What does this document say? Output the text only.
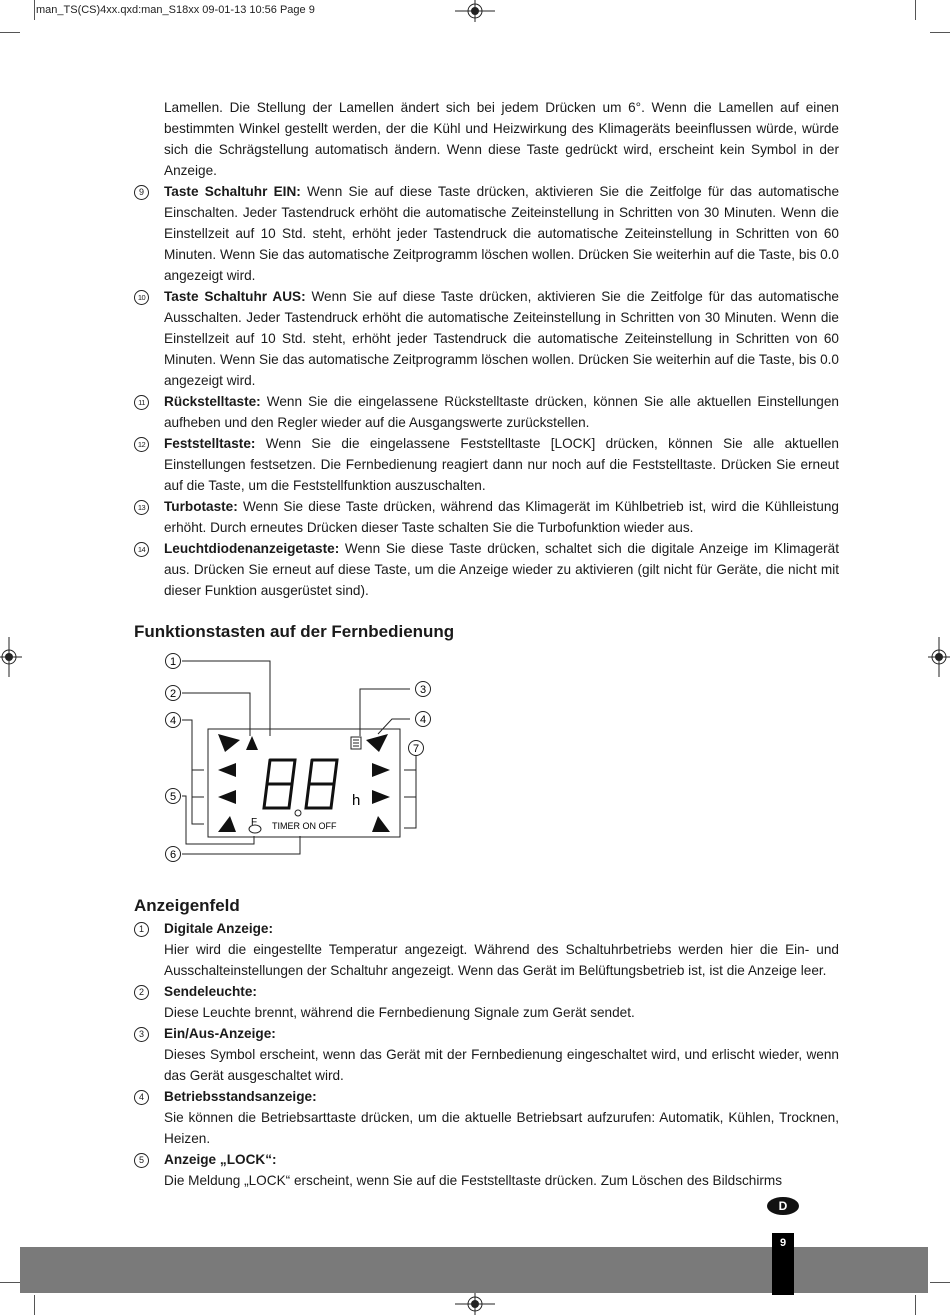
man_TS(CS)4xx.qxd:man_S18xx 09-01-13 10:56 Page 9
Lamellen. Die Stellung der Lamellen ändert sich bei jedem Drücken um 6°. Wenn die Lamellen auf einen bestimmten Winkel gestellt werden, der die Kühl und Heizwirkung des Klimageräts beeinflussen würde, würde sich die Schrägstellung automatisch ändern. Wenn diese Taste gedrückt wird, erscheint kein Symbol in der Anzeige.
9	Taste Schaltuhr EIN: Wenn Sie auf diese Taste drücken, aktivieren Sie die Zeitfolge für das automatische Einschalten. Jeder Tastendruck erhöht die automatische Zeiteinstellung in Schritten von 30 Minuten. Wenn die Einstellzeit auf 10 Std. steht, erhöht jeder Tastendruck die automatische Zeiteinstellung in Schritten von 60 Minuten. Wenn Sie das automatische Zeitprogramm löschen wollen. Drücken Sie weiterhin auf die Taste, bis 0.0 angezeigt wird.
10	Taste Schaltuhr AUS: Wenn Sie auf diese Taste drücken, aktivieren Sie die Zeitfolge für das automatische Ausschalten. Jeder Tastendruck erhöht die automatische Zeiteinstellung in Schritten von 30 Minuten. Wenn die Einstellzeit auf 10 Std. steht, erhöht jeder Tastendruck die automatische Zeiteinstellung in Schritten von 60 Minuten. Wenn Sie das automatische Zeitprogramm löschen wollen. Drücken Sie weiterhin auf die Taste, bis 0.0 angezeigt wird.
11	Rückstelltaste: Wenn Sie die eingelassene Rückstelltaste drücken, können Sie alle aktuellen Einstellungen aufheben und den Regler wieder auf die Ausgangswerte zurückstellen.
12	Feststelltaste: Wenn Sie die eingelassene Feststelltaste [LOCK] drücken, können Sie alle aktuellen Einstellungen festsetzen. Die Fernbedienung reagiert dann nur noch auf die Feststelltaste. Drücken Sie erneut auf die Taste, um die Feststellfunktion auszuschalten.
13	Turbotaste: Wenn Sie diese Taste drücken, während das Klimagerät im Kühlbetrieb ist, wird die Kühlleistung erhöht. Durch erneutes Drücken dieser Taste schalten Sie die Turbofunktion wieder aus.
14	Leuchtdiodenanzeigetaste: Wenn Sie diese Taste drücken, schaltet sich die digitale Anzeige im Klimagerät aus. Drücken Sie erneut auf diese Taste, um die Anzeige wieder zu aktivieren (gilt nicht für Geräte, die nicht mit dieser Funktion ausgerüstet sind).
Funktionstasten auf der Fernbedienung
h
F TIMER ON OFF
1
2	3
4	4
5
6
7
Anzeigenfeld
1	Digitale Anzeige:
Hier wird die eingestellte Temperatur angezeigt. Während des Schaltuhrbetriebs werden hier die Ein- und Ausschalteinstellungen der Schaltuhr angezeigt. Wenn das Gerät im Belüftungsbetrieb ist, ist die Anzeige leer.
2	Sendeleuchte:
Diese Leuchte brennt, während die Fernbedienung Signale zum Gerät sendet.
3	Ein/Aus-Anzeige:
Dieses Symbol erscheint, wenn das Gerät mit der Fernbedienung eingeschaltet wird, und erlischt wieder, wenn das Gerät ausgeschaltet wird.
4	Betriebsstandsanzeige:
Sie können die Betriebsarttaste drücken, um die aktuelle Betriebsart aufzurufen: Automatik, Kühlen, Trocknen, Heizen.
5	Anzeige „LOCK“:
Die Meldung „LOCK“ erscheint, wenn Sie auf die Feststelltaste drücken. Zum Löschen des Bildschirms
D
9
